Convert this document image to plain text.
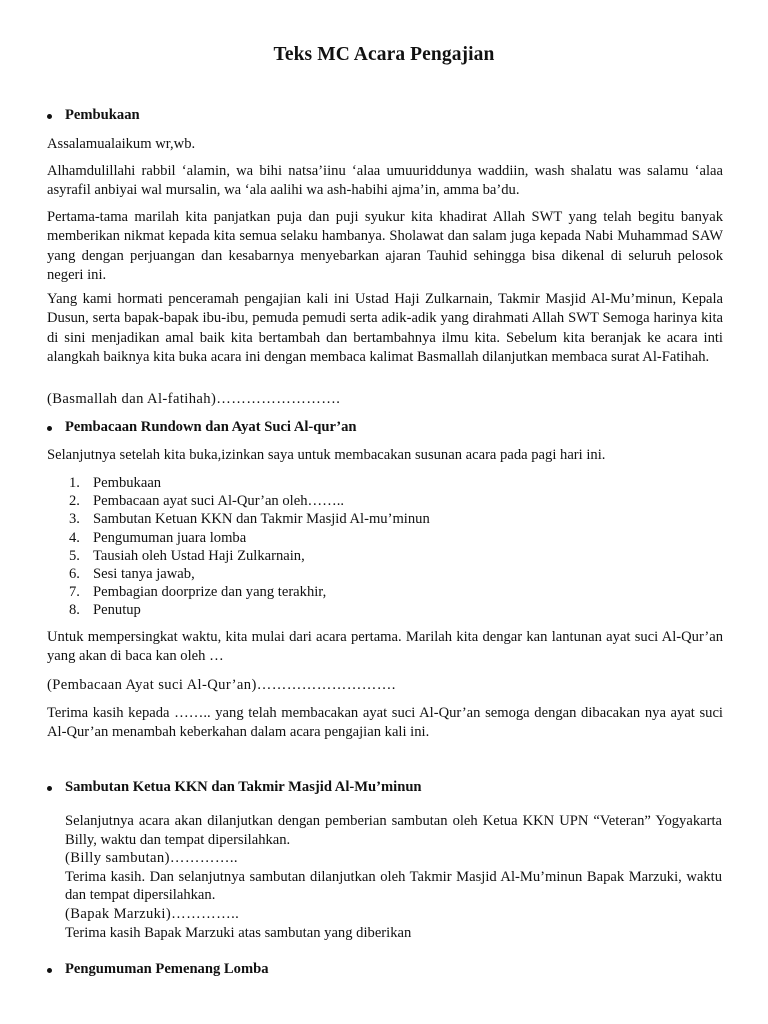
Teks MC Acara Pengajian
Pembukaan

Assalamualaikum wr,wb.

Alhamdulillahi rabbil ‘alamin, wa bihi natsa’iinu ‘alaa umuuriddunya waddiin, wash shalatu was salamu ‘alaa asyrafil anbiyai wal mursalin, wa ‘ala aalihi wa ash-habihi ajma’in, amma ba’du.

Pertama-tama marilah kita panjatkan puja dan puji syukur kita khadirat Allah SWT yang telah begitu banyak memberikan nikmat kepada kita semua selaku hambanya. Sholawat dan salam juga kepada Nabi Muhammad SAW yang dengan perjuangan dan kesabarnya menyebarkan ajaran Tauhid sehingga bisa dikenal di seluruh pelosok negeri ini.

Yang kami hormati penceramah pengajian kali ini Ustad Haji Zulkarnain, Takmir Masjid Al-Mu’minun, Kepala Dusun, serta bapak-bapak ibu-ibu, pemuda pemudi serta adik-adik yang dirahmati Allah SWT Semoga harinya kita di sini menjadikan amal baik kita bertambah dan bertambahnya ilmu kita. Sebelum kita beranjak ke acara inti alangkah baiknya kita buka acara ini dengan membaca kalimat Basmallah dilanjutkan membaca surat Al-Fatihah.

(Basmallah dan Al-fatihah)…………………….

Pembacaan Rundown dan Ayat Suci Al-qur’an

Selanjutnya setelah kita buka,izinkan saya untuk membacakan susunan acara pada pagi hari ini.

1. Pembukaan
2. Pembacaan ayat suci Al-Qur’an oleh……..
3. Sambutan Ketuan KKN dan Takmir Masjid Al-mu’minun
4. Pengumuman juara lomba
5. Tausiah oleh Ustad Haji Zulkarnain,
6. Sesi tanya jawab,
7. Pembagian doorprize dan yang terakhir,
8. Penutup

Untuk mempersingkat waktu, kita mulai dari acara pertama. Marilah kita dengar kan lantunan ayat suci Al-Qur’an yang akan di baca kan oleh …

(Pembacaan Ayat suci Al-Qur’an)……………………….

Terima kasih kepada …….. yang telah membacakan ayat suci Al-Qur’an semoga dengan dibacakan nya ayat suci Al-Qur’an menambah keberkahan dalam acara pengajian kali ini.

Sambutan Ketua KKN dan Takmir Masjid Al-Mu’minun
Selanjutnya acara akan dilanjutkan dengan pemberian sambutan oleh Ketua KKN UPN “Veteran” Yogyakarta Billy, waktu dan tempat dipersilahkan.
(Billy sambutan)…………..
Terima kasih. Dan selanjutnya sambutan dilanjutkan oleh Takmir Masjid Al-Mu’minun Bapak Marzuki, waktu dan tempat dipersilahkan.
(Bapak Marzuki)…………..
Terima kasih Bapak Marzuki atas sambutan yang diberikan
Pengumuman Pemenang Lomba
